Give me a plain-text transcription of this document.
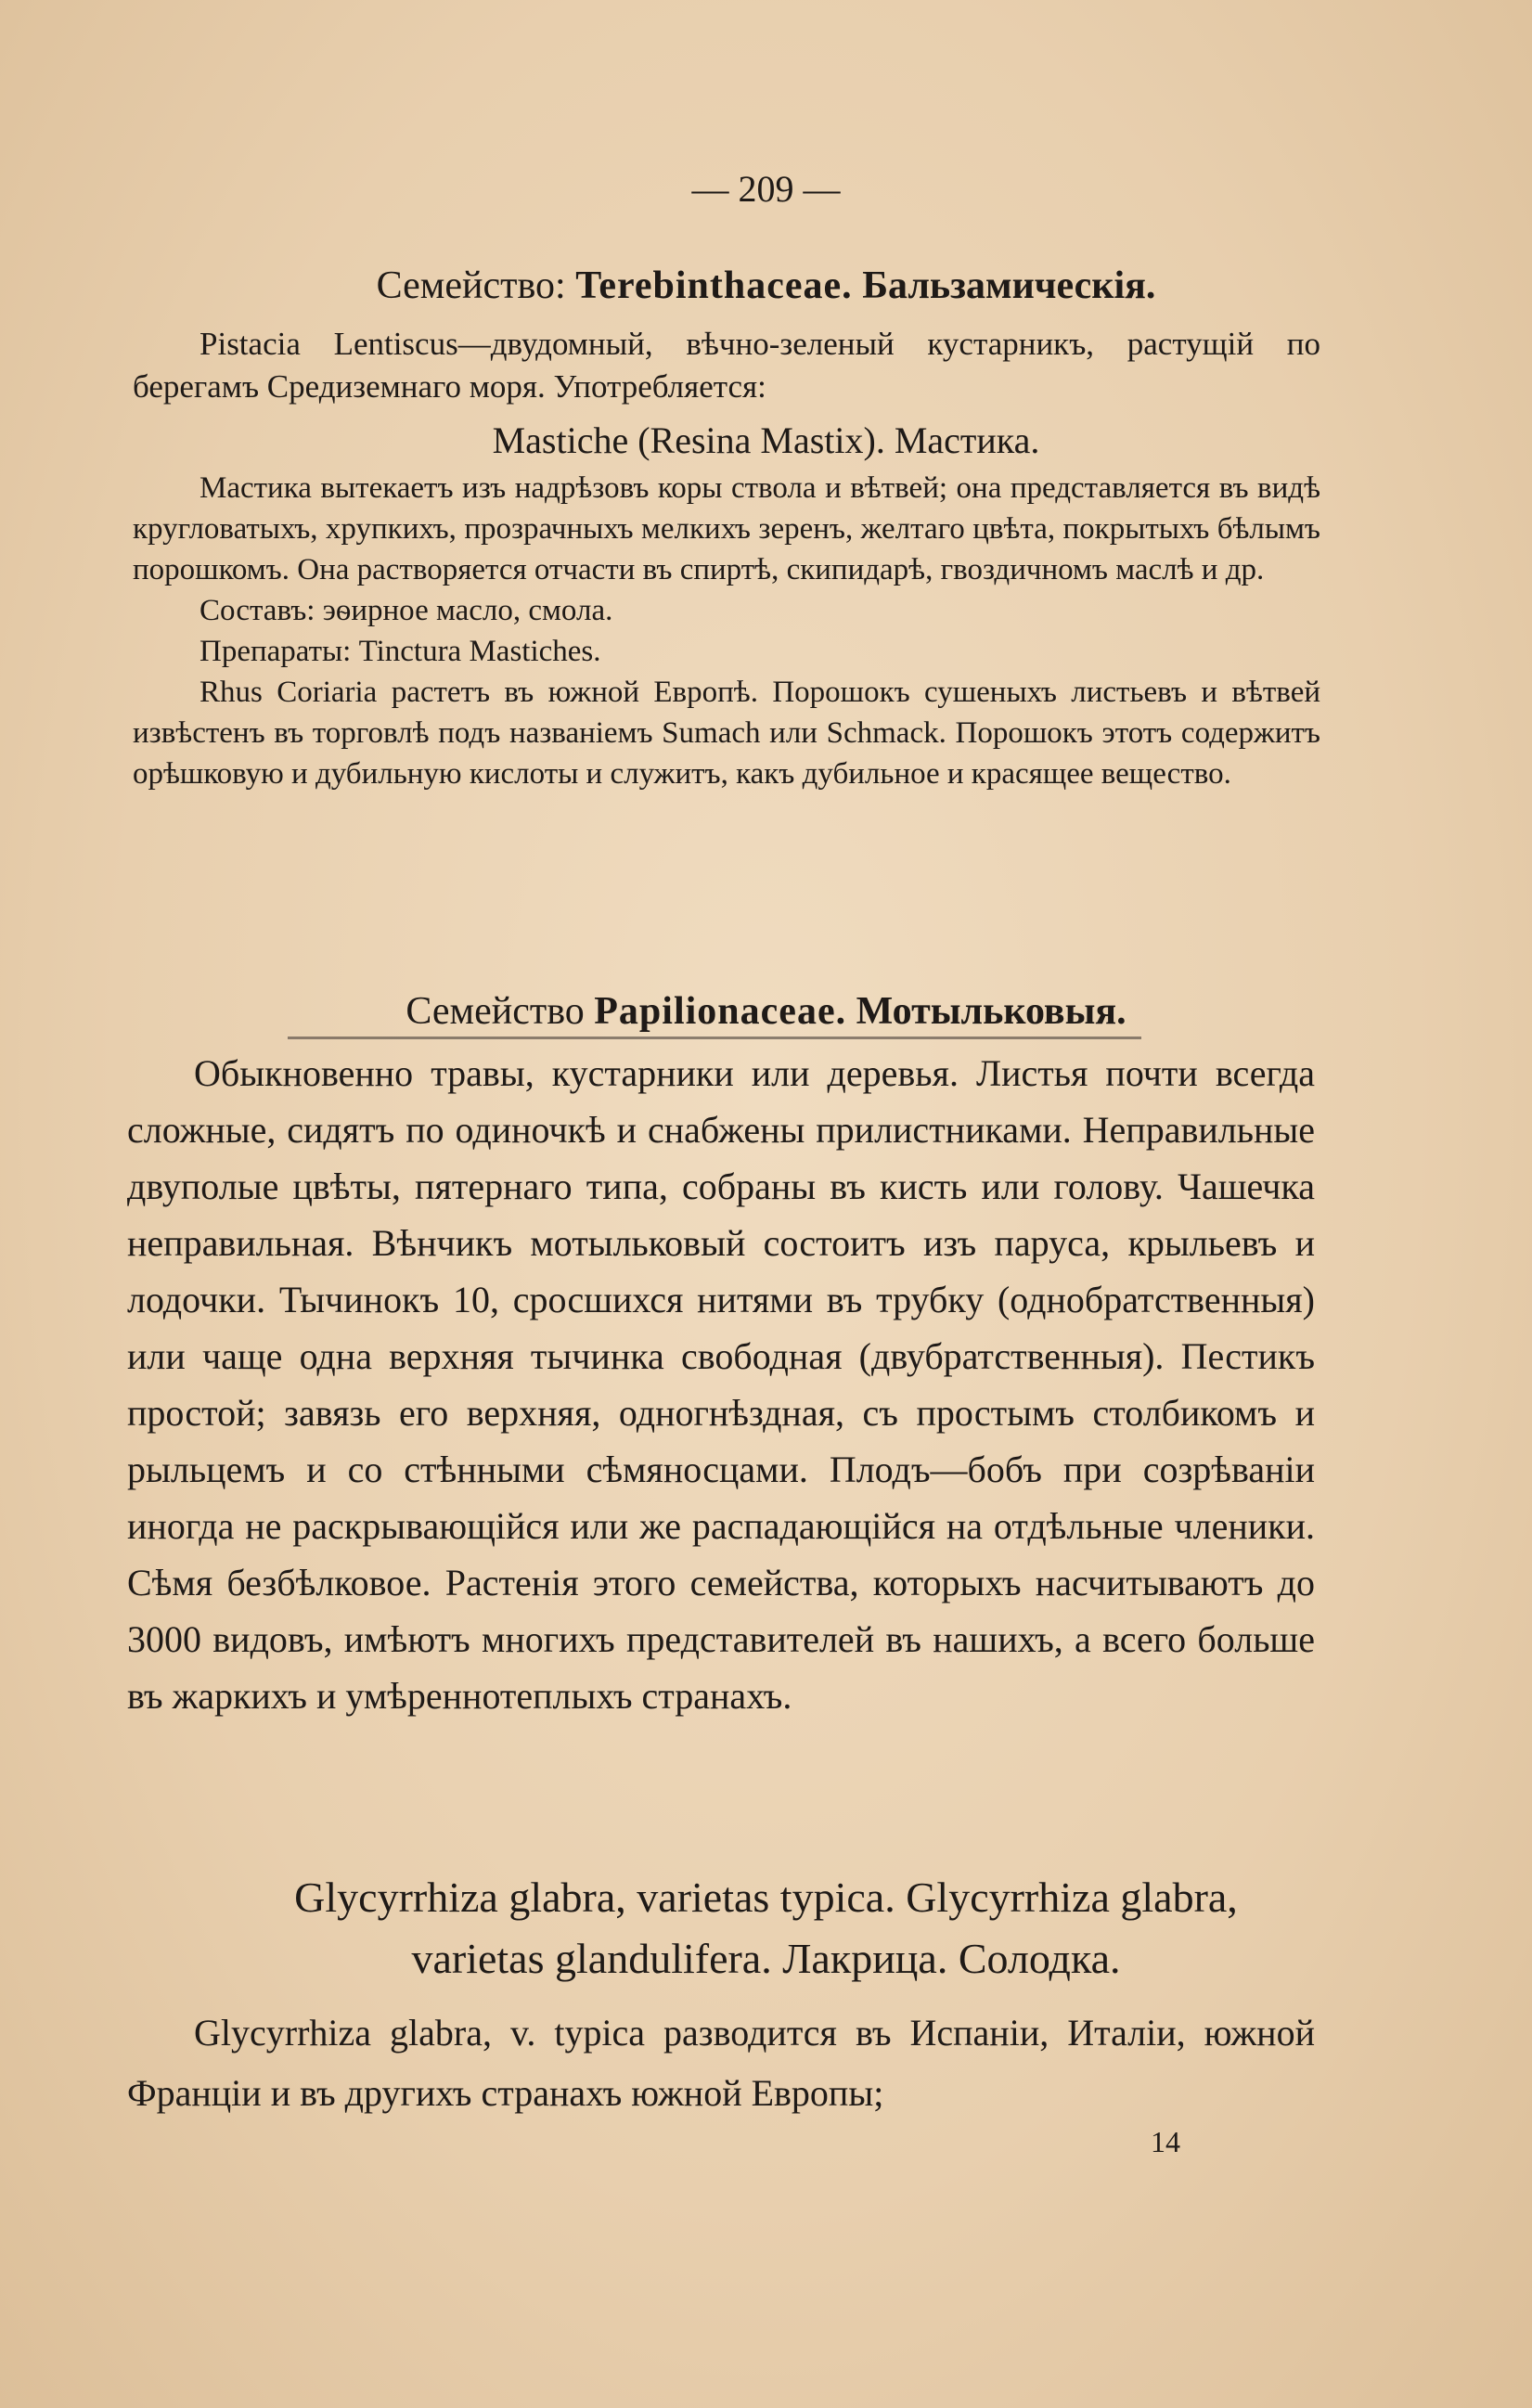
— 209 —
Семейство: Terebinthaceae. Бальзамическія.

Pistacia Lentiscus—двудомный, вѣчно-зеленый кустарникъ, растущій по берегамъ Средиземнаго моря. Употребляется:

Mastiche (Resina Mastix). Мастика.

Мастика вытекаетъ изъ надрѣзовъ коры ствола и вѣтвей; она представляется въ видѣ кругловатыхъ, хрупкихъ, прозрачныхъ мелкихъ зеренъ, желтаго цвѣта, покрытыхъ бѣлымъ порошкомъ. Она растворяется отчасти въ спиртѣ, скипидарѣ, гвоздичномъ маслѣ и др.

Составъ: эѳирное масло, смола.

Препараты: Tinctura Mastiches.

Rhus Coriaria растетъ въ южной Европѣ. Порошокъ сушеныхъ листьевъ и вѣтвей извѣстенъ въ торговлѣ подъ названіемъ Sumach или Schmack. Порошокъ этотъ содержитъ орѣшковую и дубильную кислоты и служитъ, какъ дубильное и красящее вещество.

Семейство Papilionaceae. Мотыльковыя.

Обыкновенно травы, кустарники или деревья. Листья почти всегда сложные, сидятъ по одиночкѣ и снабжены прилистниками. Неправильные двуполые цвѣты, пятернаго типа, собраны въ кисть или голову. Чашечка неправильная. Вѣнчикъ мотыльковый состоитъ изъ паруса, крыльевъ и лодочки. Тычинокъ 10, сросшихся нитями въ трубку (однобратственныя) или чаще одна верхняя тычинка свободная (двубратственныя). Пестикъ простой; завязь его верхняя, одногнѣздная, съ простымъ столбикомъ и рыльцемъ и со стѣнными сѣмяносцами. Плодъ—бобъ при созрѣваніи иногда не раскрывающійся или же распадающійся на отдѣльные членики. Сѣмя безбѣлковое. Растенія этого семейства, которыхъ насчитываютъ до 3000 видовъ, имѣютъ многихъ представителей въ нашихъ, а всего больше въ жаркихъ и умѣреннотеплыхъ странахъ.

Glycyrrhiza glabra, varietas typica. Glycyrrhiza glabra,
varietas glandulifera. Лакрица. Солодка.

Glycyrrhiza glabra, v. typica разводится въ Испаніи, Италіи, южной Франціи и въ другихъ странахъ южной Европы;

14
